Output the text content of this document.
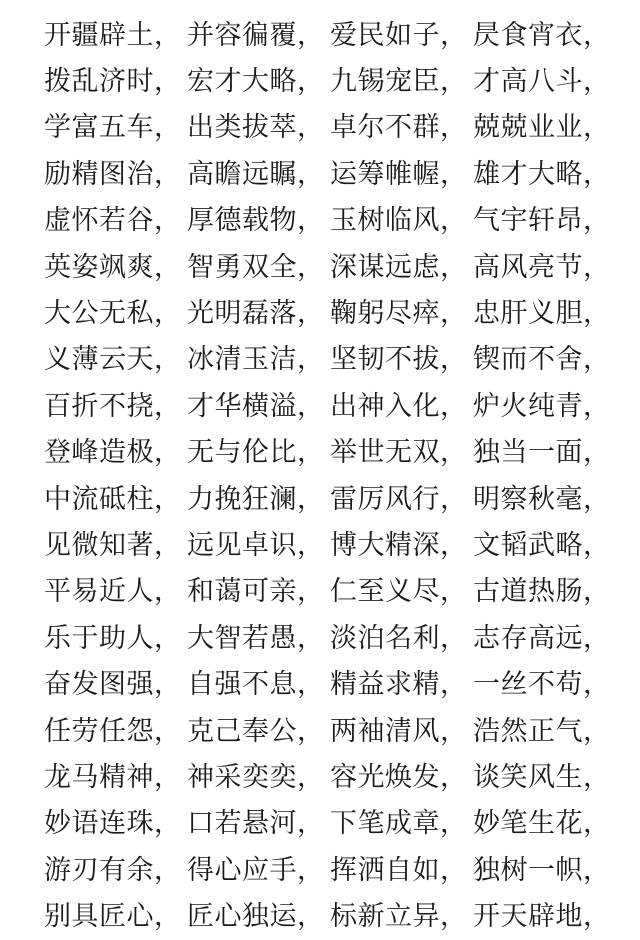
开疆辟土 ， 并容徧覆 ， 爱民如子 ， 昃食宵衣 ，
拨乱济时 ， 宏才大略 ， 九锡宠臣 ， 才高八斗 ，
学富五车 ， 出类拔萃 ， 卓尔不群 ， 兢兢业业 ，
励精图治 ， 高瞻远瞩 ， 运筹帷幄 ， 雄才大略 ，
虚怀若谷 ， 厚德载物 ， 玉树临风 ， 气宇轩昂 ，
英姿飒爽 ， 智勇双全 ， 深谋远虑 ， 高风亮节 ，
大公无私 ， 光明磊落 ， 鞠躬尽瘁 ， 忠肝义胆 ，
义薄云天 ， 冰清玉洁 ， 坚韧不拔 ， 锲而不舍 ，
百折不挠 ， 才华横溢 ， 出神入化 ， 炉火纯青 ，
登峰造极 ， 无与伦比 ， 举世无双 ， 独当一面 ，
中流砥柱 ， 力挽狂澜 ， 雷厉风行 ， 明察秋毫 ，
见微知著 ， 远见卓识 ， 博大精深 ， 文韬武略 ，
平易近人 ， 和蔼可亲 ， 仁至义尽 ， 古道热肠 ，
乐于助人 ， 大智若愚 ， 淡泊名利 ， 志存高远 ，
奋发图强 ， 自强不息 ， 精益求精 ， 一丝不苟 ，
任劳任怨 ， 克己奉公 ， 两袖清风 ， 浩然正气 ，
龙马精神 ， 神采奕奕 ， 容光焕发 ， 谈笑风生 ，
妙语连珠 ， 口若悬河 ， 下笔成章 ， 妙笔生花 ，
游刃有余 ， 得心应手 ， 挥洒自如 ， 独树一帜 ，
别具匠心 ， 匠心独运 ， 标新立异 ， 开天辟地 ，
